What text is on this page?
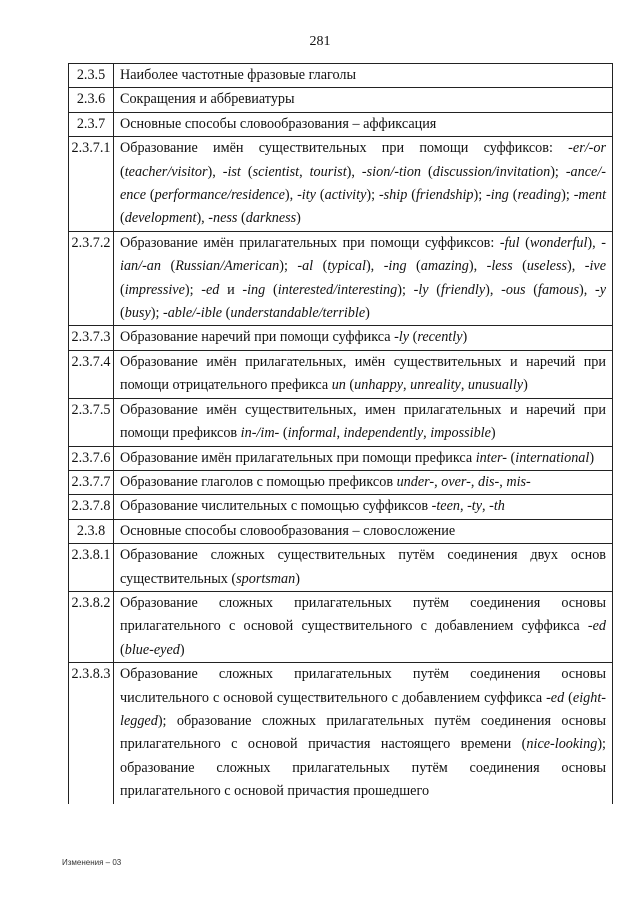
281
2.3.5	Наиболее частотные фразовые глаголы
2.3.6	Сокращения и аббревиатуры
2.3.7	Основные способы словообразования – аффиксация
2.3.7.1	Образование имён существительных при помощи суффиксов: -er/-or (teacher/visitor), -ist (scientist, tourist), -sion/-tion (discussion/invitation); -ance/-ence (performance/residence), -ity (activity); -ship (friendship); -ing (reading); -ment (development), -ness (darkness)
2.3.7.2	Образование имён прилагательных при помощи суффиксов: -ful (wonderful), -ian/-an (Russian/American); -al (typical), -ing (amazing), -less (useless), -ive (impressive); -ed и -ing (interested/interesting); -ly (friendly), -ous (famous), -y (busy); -able/-ible (understandable/terrible)
2.3.7.3	Образование наречий при помощи суффикса -ly (recently)
2.3.7.4	Образование имён прилагательных, имён существительных и наречий при помощи отрицательного префикса un (unhappy, unreality, unusually)
2.3.7.5	Образование имён существительных, имен прилагательных и наречий при помощи префиксов in-/im- (informal, independently, impossible)
2.3.7.6	Образование имён прилагательных при помощи префикса inter- (international)
2.3.7.7	Образование глаголов с помощью префиксов under-, over-, dis-, mis-
2.3.7.8	Образование числительных с помощью суффиксов -teen, -ty, -th
2.3.8	Основные способы словообразования – словосложение
2.3.8.1	Образование сложных существительных путём соединения двух основ существительных (sportsman)
2.3.8.2	Образование сложных прилагательных путём соединения основы прилагательного с основой существительного с добавлением суффикса -ed (blue-eyed)
2.3.8.3	Образование сложных прилагательных путём соединения основы числительного с основой существительного с добавлением суффикса -ed (eight-legged); образование сложных прилагательных путём соединения основы прилагательного с основой причастия настоящего времени (nice-looking); образование сложных прилагательных путём соединения основы прилагательного с основой причастия прошедшего
Изменения – 03
